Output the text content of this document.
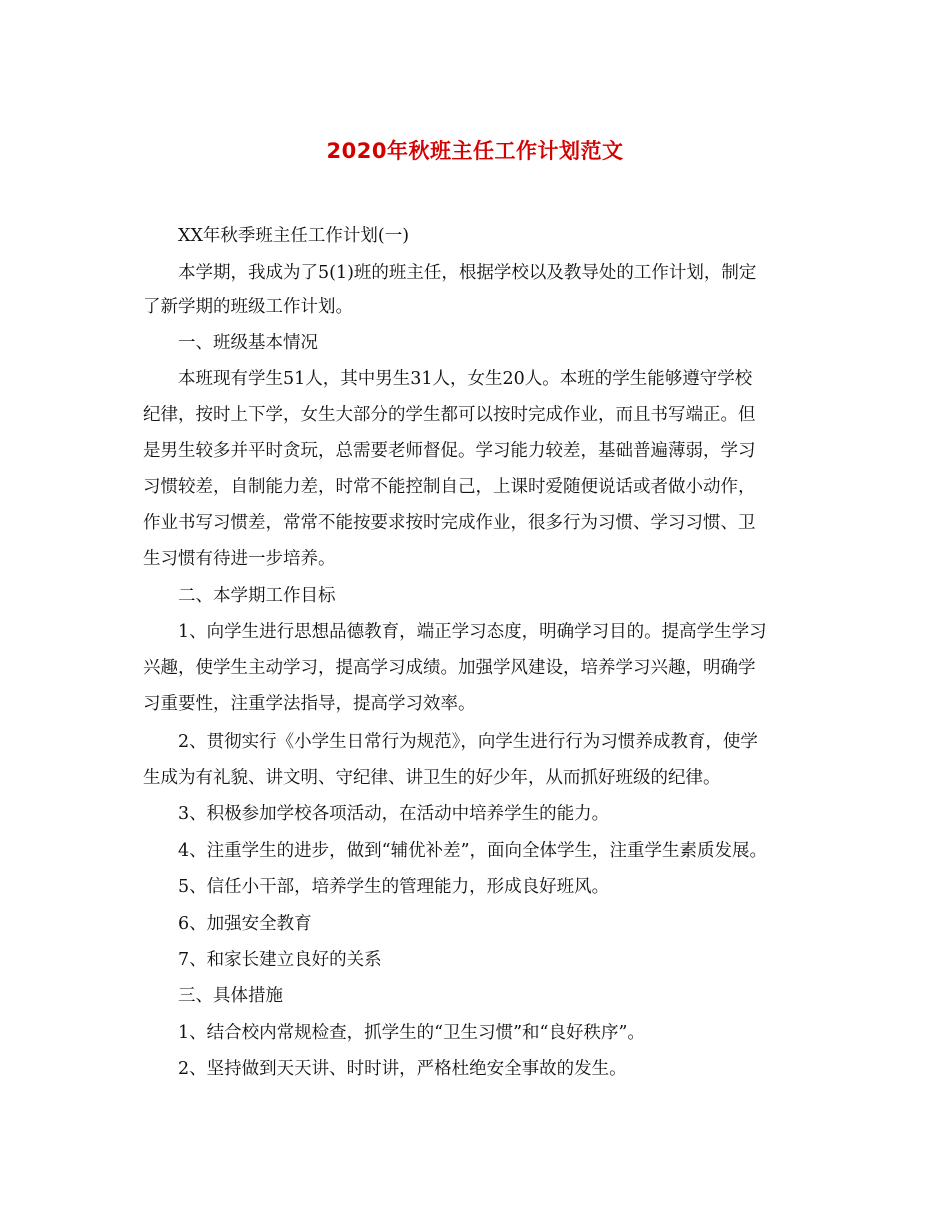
2020年秋班主任工作计划范文
XX年秋季班主任工作计划(一)
本学期，我成为了5(1)班的班主任，根据学校以及教导处的工作计划，制定
了新学期的班级工作计划。
一、班级基本情况
本班现有学生51人，其中男生31人，女生20人。本班的学生能够遵守学校
纪律，按时上下学，女生大部分的学生都可以按时完成作业，而且书写端正。但
是男生较多并平时贪玩，总需要老师督促。学习能力较差，基础普遍薄弱，学习
习惯较差，自制能力差，时常不能控制自己，上课时爱随便说话或者做小动作，
作业书写习惯差，常常不能按要求按时完成作业，很多行为习惯、学习习惯、卫
生习惯有待进一步培养。
二、本学期工作目标
1、向学生进行思想品德教育，端正学习态度，明确学习目的。提高学生学习
兴趣，使学生主动学习，提高学习成绩。加强学风建设，培养学习兴趣，明确学
习重要性，注重学法指导，提高学习效率。
2、贯彻实行《小学生日常行为规范》，向学生进行行为习惯养成教育，使学
生成为有礼貌、讲文明、守纪律、讲卫生的好少年，从而抓好班级的纪律。
3、积极参加学校各项活动，在活动中培养学生的能力。
4、注重学生的进步，做到“辅优补差”，面向全体学生，注重学生素质发展。
5、信任小干部，培养学生的管理能力，形成良好班风。
6、加强安全教育
7、和家长建立良好的关系
三、具体措施
1、结合校内常规检查，抓学生的“卫生习惯”和“良好秩序”。
2、坚持做到天天讲、时时讲，严格杜绝安全事故的发生。
